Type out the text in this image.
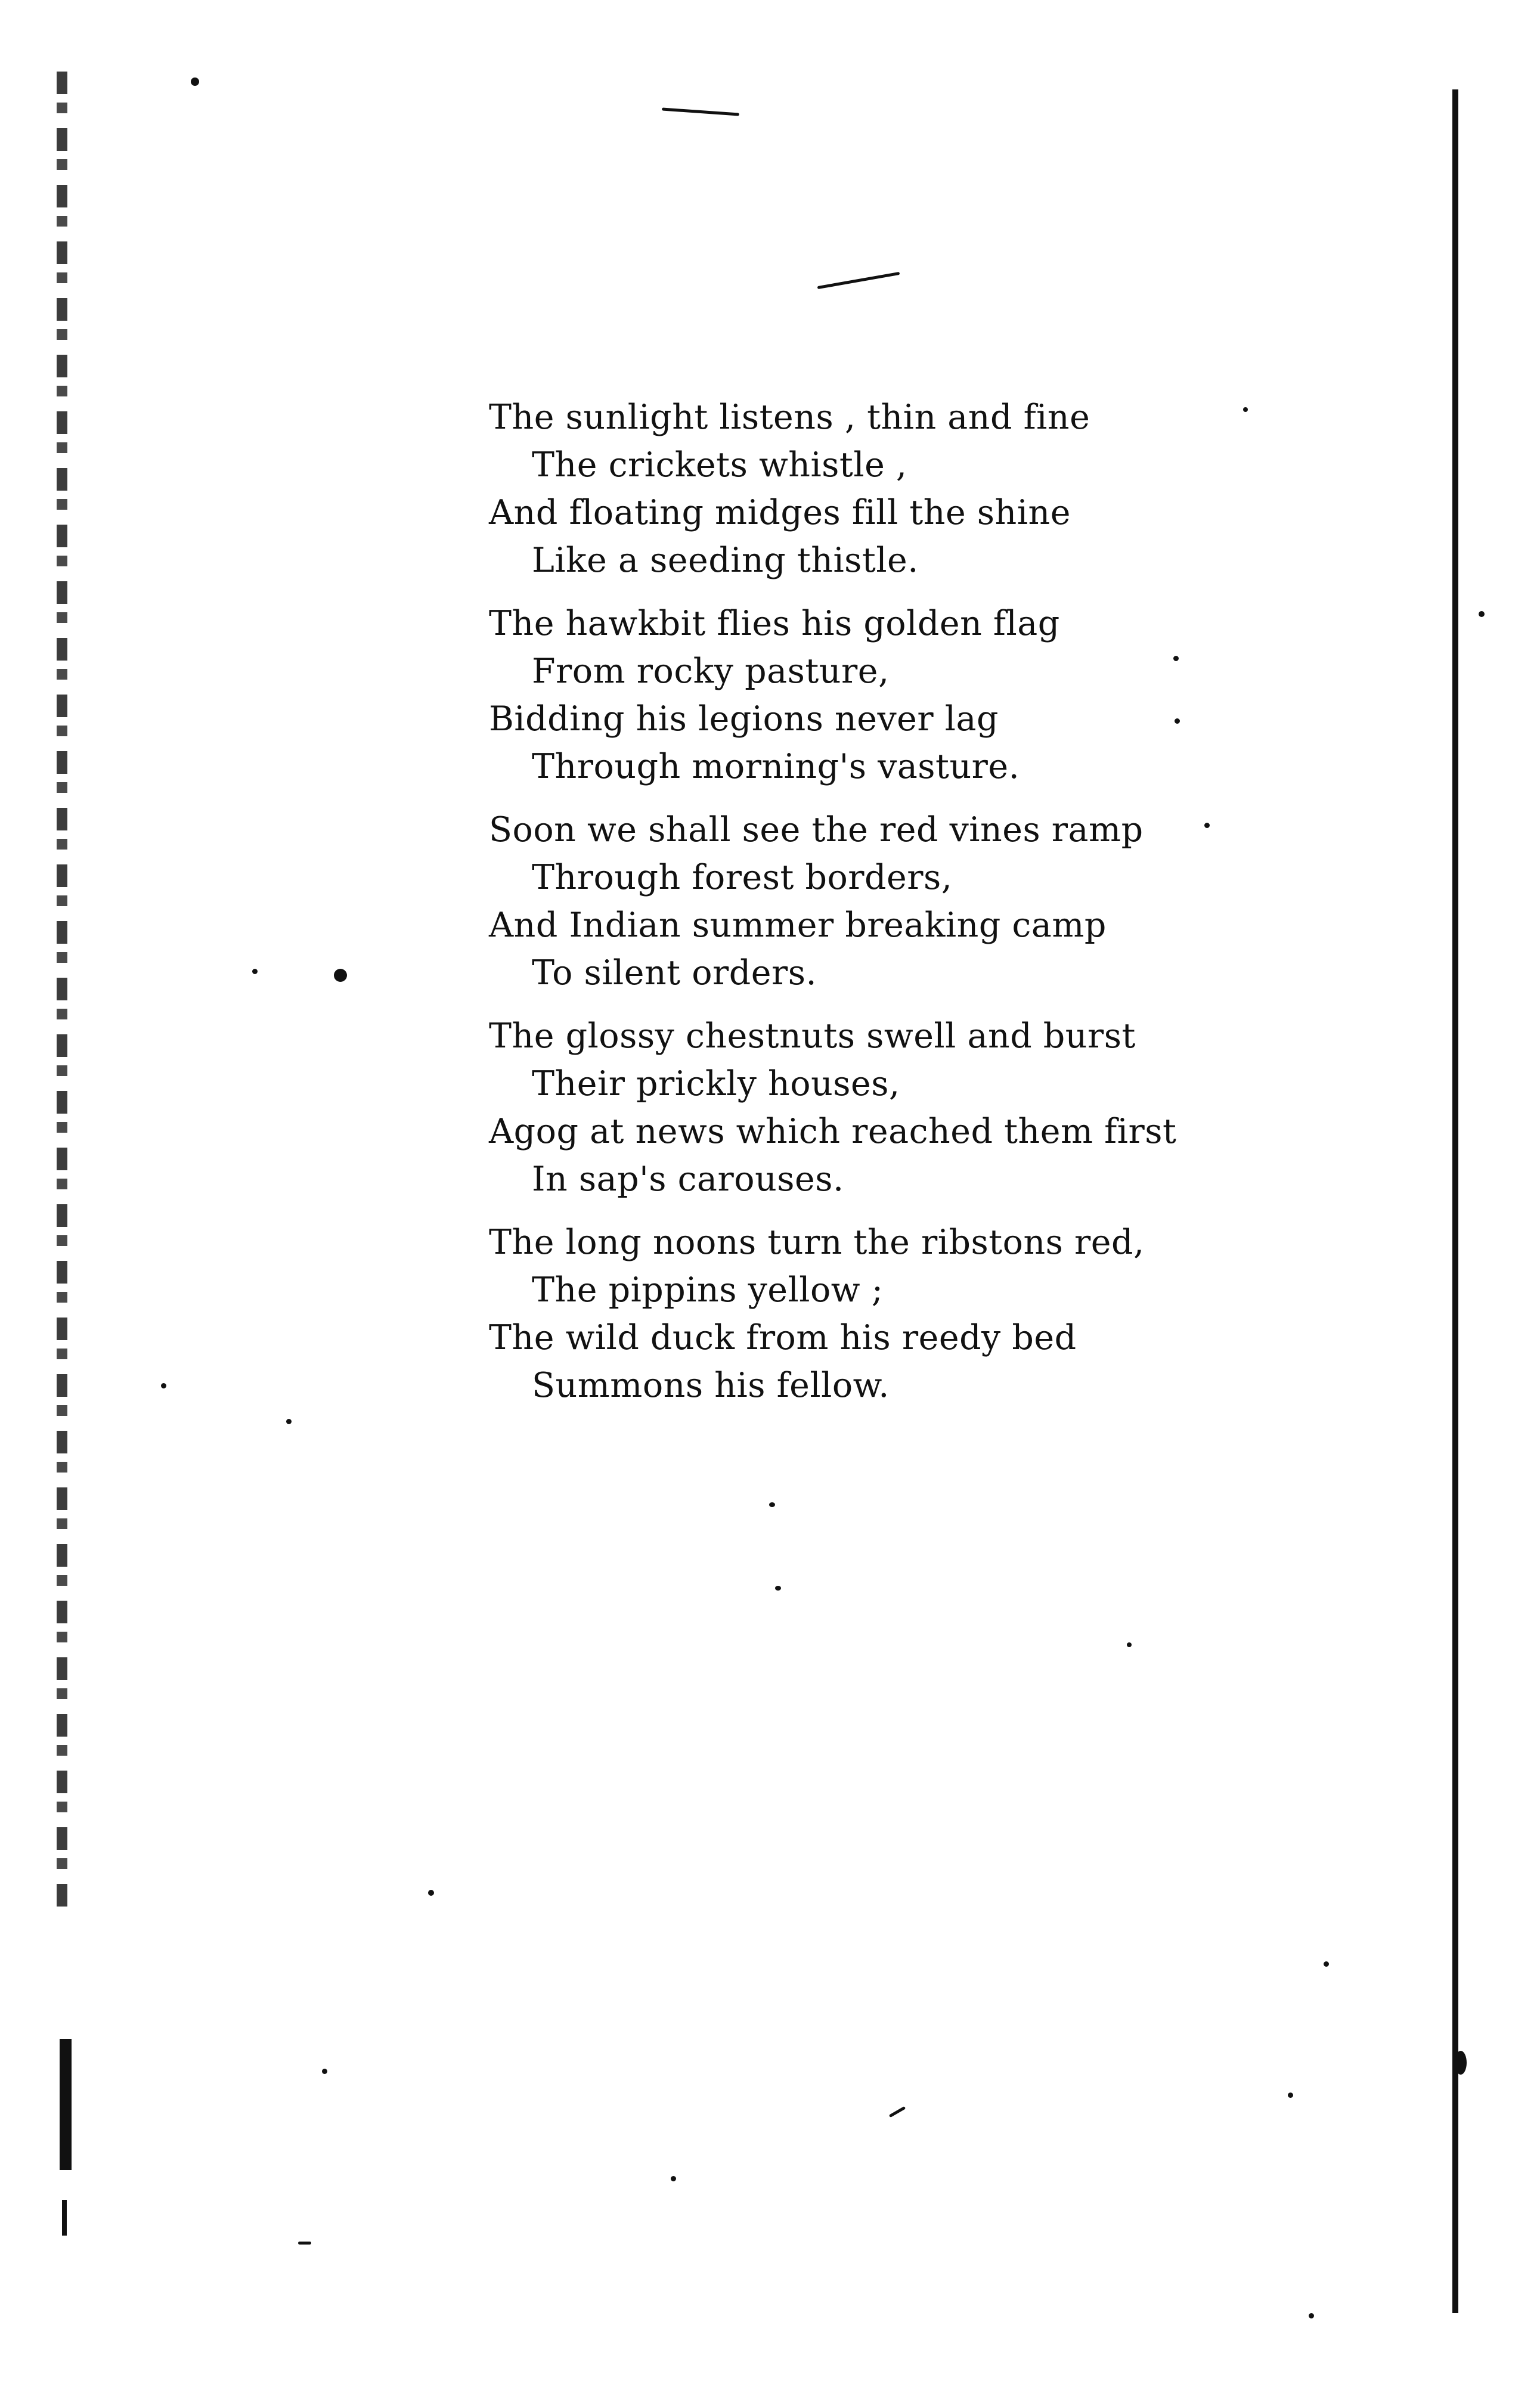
The sunlight listens , thin and fine
The crickets whistle ,
And floating midges fill the shine
Like a seeding thistle.
The hawkbit flies his golden flag
From rocky pasture,
Bidding his legions never lag
Through morning's vasture.
Soon we shall see the red vines ramp
Through forest borders,
And Indian summer breaking camp
To silent orders.
The glossy chestnuts swell and burst
Their prickly houses,
Agog at news which reached them first
In sap's carouses.
The long noons turn the ribstons red,
The pippins yellow ;
The wild duck from his reedy bed
Summons his fellow.
